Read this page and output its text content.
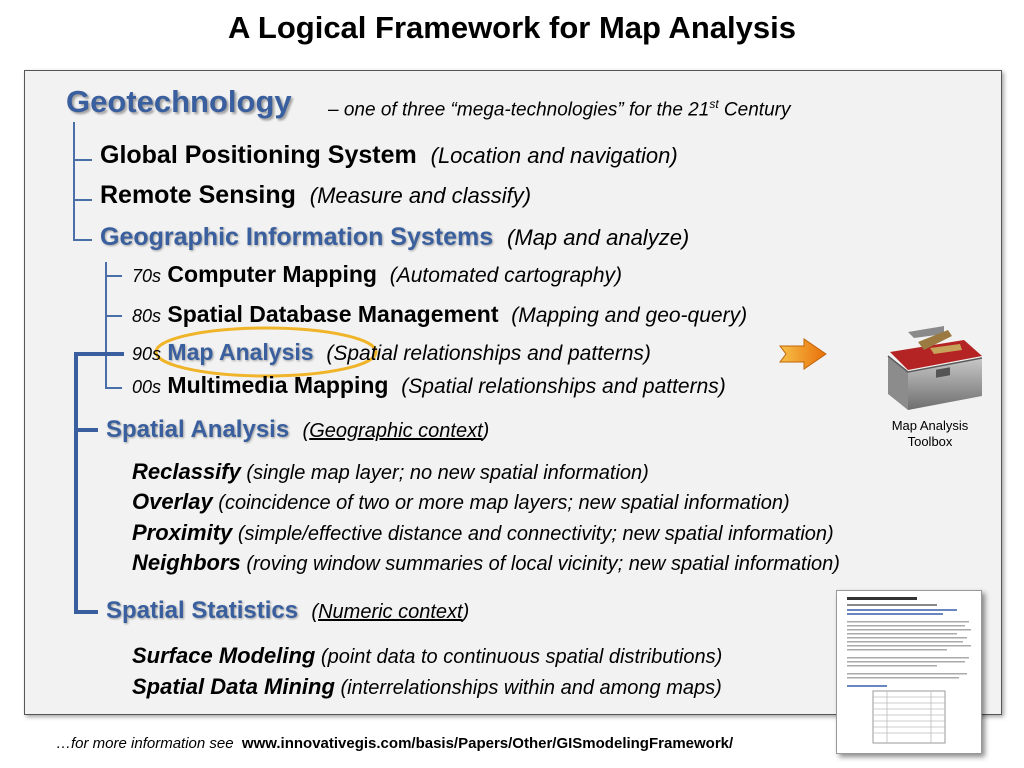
A Logical Framework for Map Analysis
Geotechnology – one of three “mega-technologies” for the 21st Century
Global Positioning System (Location and navigation)
Remote Sensing (Measure and classify)
Geographic Information Systems (Map and analyze)
70s Computer Mapping (Automated cartography)
80s Spatial Database Management (Mapping and geo-query)
90s Map Analysis (Spatial relationships and patterns)
00s Multimedia Mapping (Spatial relationships and patterns)
Map Analysis Toolbox
Spatial Analysis (Geographic context)
Reclassify (single map layer; no new spatial information)
Overlay (coincidence of two or more map layers; new spatial information)
Proximity (simple/effective distance and connectivity; new spatial information)
Neighbors (roving window summaries of local vicinity; new spatial information)
Spatial Statistics (Numeric context)
Surface Modeling (point data to continuous spatial distributions)
Spatial Data Mining (interrelationships within and among maps)
…for more information see www.innovativegis.com/basis/Papers/Other/GISmodelingFramework/
